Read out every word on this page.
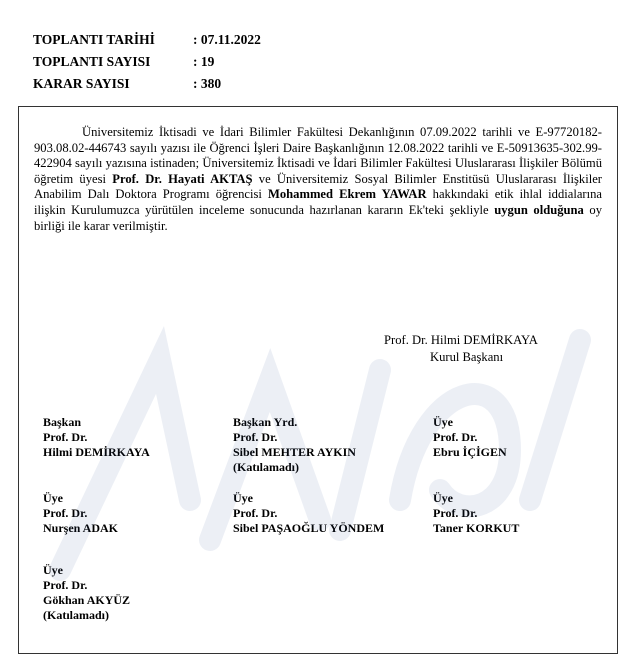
TOPLANTI TARİHİ	: 07.11.2022
TOPLANTI SAYISI	: 19
KARAR SAYISI	: 380

Üniversitemiz İktisadi ve İdari Bilimler Fakültesi Dekanlığının 07.09.2022 tarihli ve E-97720182-903.08.02-446743 sayılı yazısı ile Öğrenci İşleri Daire Başkanlığının 12.08.2022 tarihli ve E-50913635-302.99-422904 sayılı yazısına istinaden; Üniversitemiz İktisadi ve İdari Bilimler Fakültesi Uluslararası İlişkiler Bölümü öğretim üyesi Prof. Dr. Hayati AKTAŞ ve Üniversitemiz Sosyal Bilimler Enstitüsü Uluslararası İlişkiler Anabilim Dalı Doktora Programı öğrencisi Mohammed Ekrem YAWAR hakkındaki etik ihlal iddialarına ilişkin Kurulumuzca yürütülen inceleme sonucunda hazırlanan kararın Ek'teki şekliyle uygun olduğuna oy birliği ile karar verilmiştir.

Prof. Dr. Hilmi DEMİRKAYA
Kurul Başkanı
Başkan
Prof. Dr.
Hilmi DEMİRKAYA
Başkan Yrd.
Prof. Dr.
Sibel MEHTER AYKIN
(Katılamadı)
Üye
Prof. Dr.
Ebru İÇİGEN
Üye
Prof. Dr.
Nurşen ADAK
Üye
Prof. Dr.
Sibel PAŞAOĞLU YÖNDEM
Üye
Prof. Dr.
Taner KORKUT
Üye
Prof. Dr.
Gökhan AKYÜZ
(Katılamadı)
